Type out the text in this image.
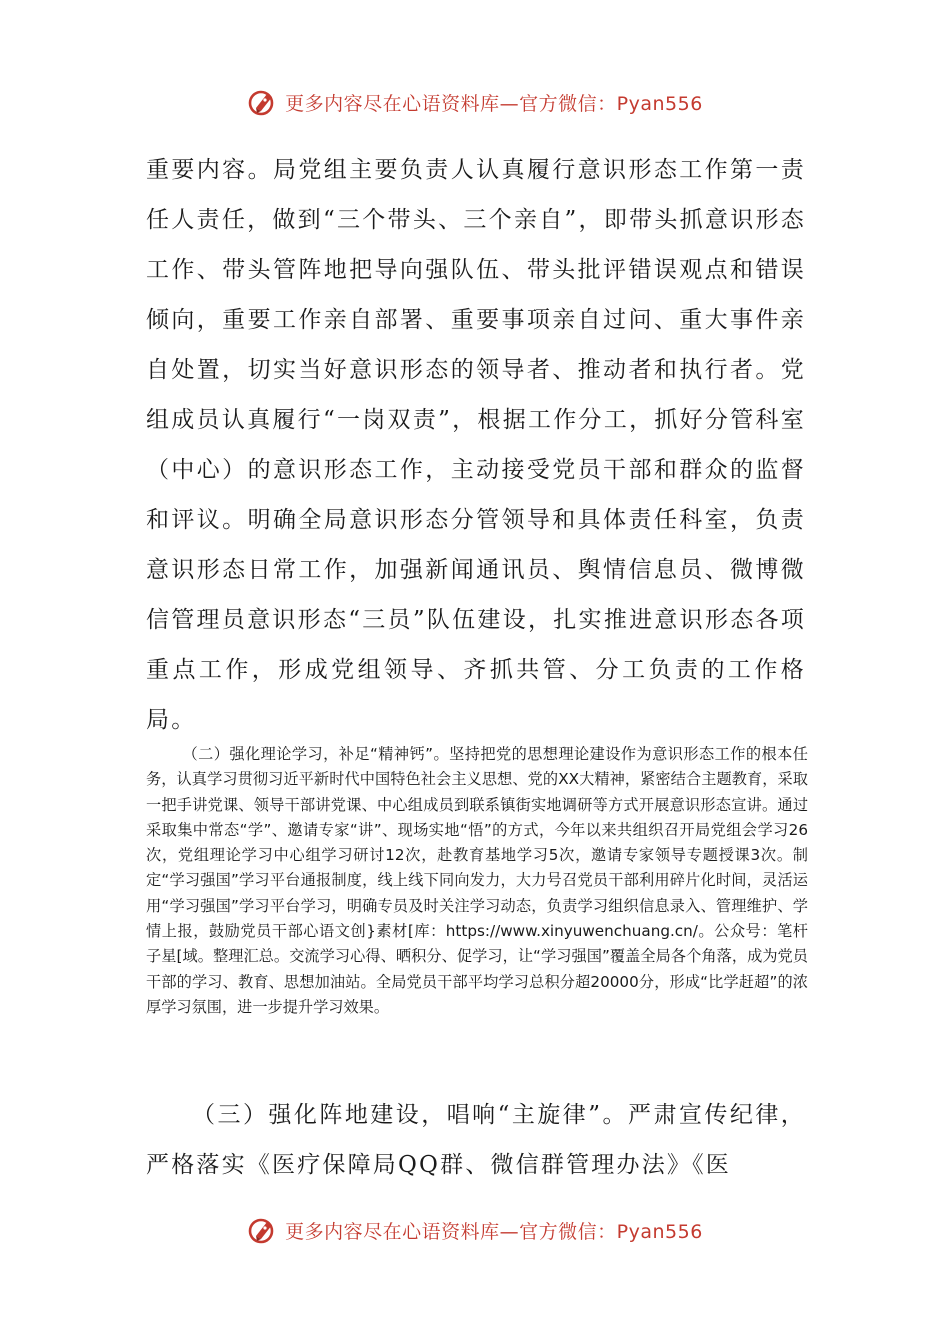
更多内容尽在心语资料库—官方微信：Pyan556

重要内容。局党组主要负责人认真履行意识形态工作第一责任人责任，做到“三个带头、三个亲自”，即带头抓意识形态工作、带头管阵地把导向强队伍、带头批评错误观点和错误倾向，重要工作亲自部署、重要事项亲自过问、重大事件亲自处置，切实当好意识形态的领导者、推动者和执行者。党组成员认真履行“一岗双责”，根据工作分工，抓好分管科室（中心）的意识形态工作，主动接受党员干部和群众的监督和评议。明确全局意识形态分管领导和具体责任科室，负责意识形态日常工作，加强新闻通讯员、舆情信息员、微博微信管理员意识形态“三员”队伍建设，扎实推进意识形态各项重点工作，形成党组领导、齐抓共管、分工负责的工作格局。

（二）强化理论学习，补足“精神钙”。坚持把党的思想理论建设作为意识形态工作的根本任务，认真学习贯彻习近平新时代中国特色社会主义思想、党的XX大精神，紧密结合主题教育，采取一把手讲党课、领导干部讲党课、中心组成员到联系镇街实地调研等方式开展意识形态宣讲。通过采取集中常态“学”、邀请专家“讲”、现场实地“悟”的方式，今年以来共组织召开局党组会学习26次，党组理论学习中心组学习研讨12次，赴教育基地学习5次，邀请专家领导专题授课3次。制定“学习强国”学习平台通报制度，线上线下同向发力，大力号召党员干部利用碎片化时间，灵活运用“学习强国”学习平台学习，明确专员及时关注学习动态，负责学习组织信息录入、管理维护、学情上报，鼓励党员干部心语文创}素材[库：https://www.xinyuwenchuang.cn/。公众号：笔杆子星[域。整理汇总。交流学习心得、晒积分、促学习，让“学习强国”覆盖全局各个角落，成为党员干部的学习、教育、思想加油站。全局党员干部平均学习总积分超20000分，形成“比学赶超”的浓厚学习氛围，进一步提升学习效果。

（三）强化阵地建设，唱响“主旋律”。严肃宣传纪律，严格落实《医疗保障局QQ群、微信群管理办法》《医

更多内容尽在心语资料库—官方微信：Pyan556
